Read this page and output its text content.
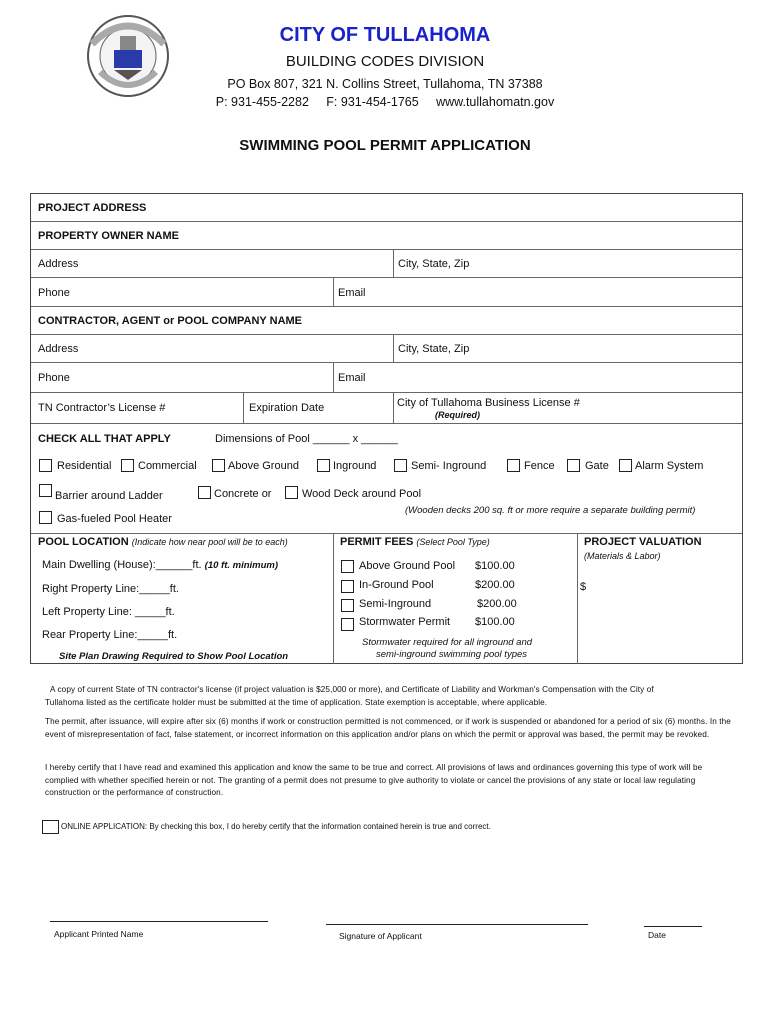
CITY OF TULLAHOMA
BUILDING CODES DIVISION
PO Box 807, 321 N. Collins Street, Tullahoma, TN 37388
P: 931-455-2282 F: 931-454-1765 www.tullahomatn.gov
SWIMMING POOL PERMIT APPLICATION
PROJECT ADDRESS
PROPERTY OWNER NAME
Address	City, State, Zip
Phone	Email
CONTRACTOR, AGENT or POOL COMPANY NAME
Address	City, State, Zip
Phone	Email
TN Contractor’s License #	Expiration Date	City of Tullahoma Business License #
(Required)
CHECK ALL THAT APPLY	Dimensions of Pool ______ x ______
Residential Commercial	Above Ground	Inground	Semi- Inground	Fence	Gate Alarm System
Barrier around Ladder	Concrete or	Wood Deck around Pool
(Wooden decks 200 sq. ft or more require a separate building permit)
Gas-fueled Pool Heater
POOL LOCATION (Indicate how near pool will be to each)
Main Dwelling (House):______ft. (10 ft. minimum)
Right Property Line:_____ft.
Left Property Line: _____ft.
Rear Property Line:_____ft.
Site Plan Drawing Required to Show Pool Location
PERMIT FEES (Select Pool Type)
Above Ground Pool $100.00
In-Ground Pool	$200.00
Semi-Inground	$200.00
Stormwater Permit $100.00
Stormwater required for all inground and
semi-inground swimming pool types
PROJECT VALUATION
(Materials & Labor)
$
A copy of current State of TN contractor's license (if project valuation is $25,000 or more), and Certificate of Liability and Workman's Compensation with the City of
Tullahoma listed as the certificate holder must be submitted at the time of application. State exemption is acceptable, where applicable.
The permit, after issuance, will expire after six (6) months if work or construction permitted is not commenced, or if work is suspended or abandoned for a period of six (6) months. In the event of misrepresentation of fact, false statement, or incorrect information on this application and/or plans on which the permit or approval was based, the permit may be revoked.
I hereby certify that I have read and examined this application and know the same to be true and correct. All provisions of laws and ordinances governing this type of work will be complied with whether specified herein or not. The granting of a permit does not presume to give authority to violate or cancel the provisions of any state or local law regulating construction or the performance of construction.
ONLINE APPLICATION: By checking this box, I do hereby certify that the information contained herein is true and correct.
Applicant Printed Name	Signature of Applicant	Date
